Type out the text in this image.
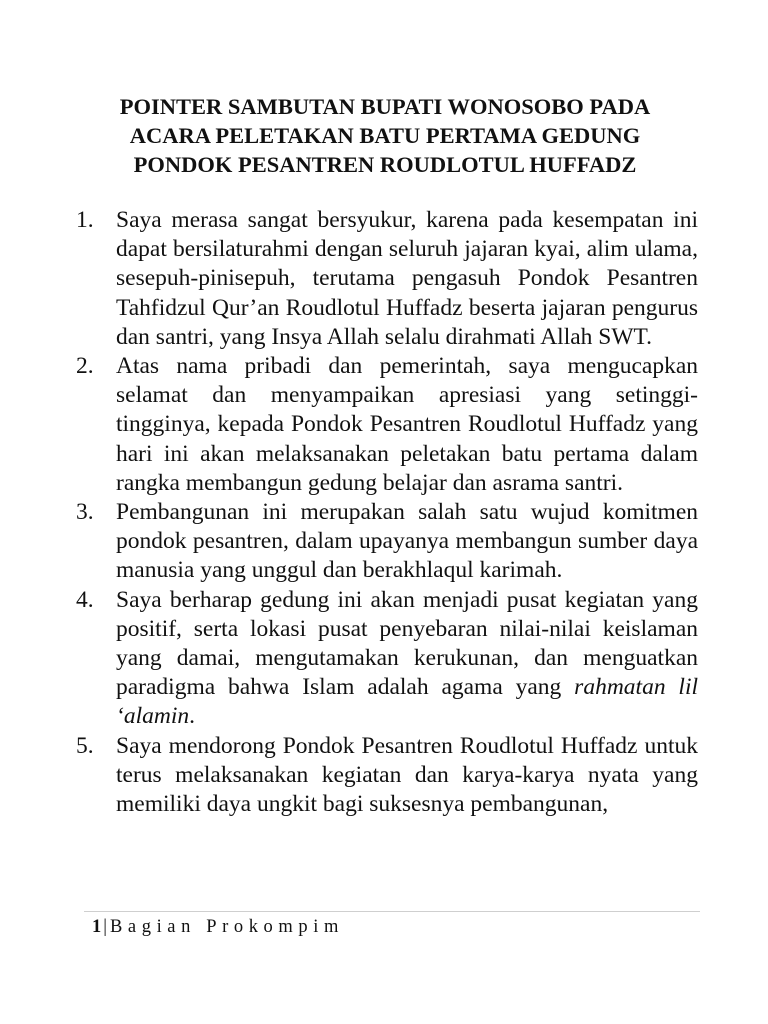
POINTER SAMBUTAN BUPATI WONOSOBO PADA
ACARA PELETAKAN BATU PERTAMA GEDUNG
PONDOK PESANTREN ROUDLOTUL HUFFADZ
1. Saya merasa sangat bersyukur, karena pada kesempatan ini dapat bersilaturahmi dengan seluruh jajaran kyai, alim ulama, sesepuh-pinisepuh, terutama pengasuh Pondok Pesantren Tahfidzul Qur’an Roudlotul Huffadz beserta jajaran pengurus dan santri, yang Insya Allah selalu dirahmati Allah SWT.
2. Atas nama pribadi dan pemerintah, saya mengucapkan selamat dan menyampaikan apresiasi yang setinggi-tingginya, kepada Pondok Pesantren Roudlotul Huffadz yang hari ini akan melaksanakan peletakan batu pertama dalam rangka membangun gedung belajar dan asrama santri.
3. Pembangunan ini merupakan salah satu wujud komitmen pondok pesantren, dalam upayanya membangun sumber daya manusia yang unggul dan berakhlaqul karimah.
4. Saya berharap gedung ini akan menjadi pusat kegiatan yang positif, serta lokasi pusat penyebaran nilai-nilai keislaman yang damai, mengutamakan kerukunan, dan menguatkan paradigma bahwa Islam adalah agama yang rahmatan lil ‘alamin.
5. Saya mendorong Pondok Pesantren Roudlotul Huffadz untuk terus melaksanakan kegiatan dan karya-karya nyata yang memiliki daya ungkit bagi suksesnya pembangunan,
1 | Bagian Prokompim
